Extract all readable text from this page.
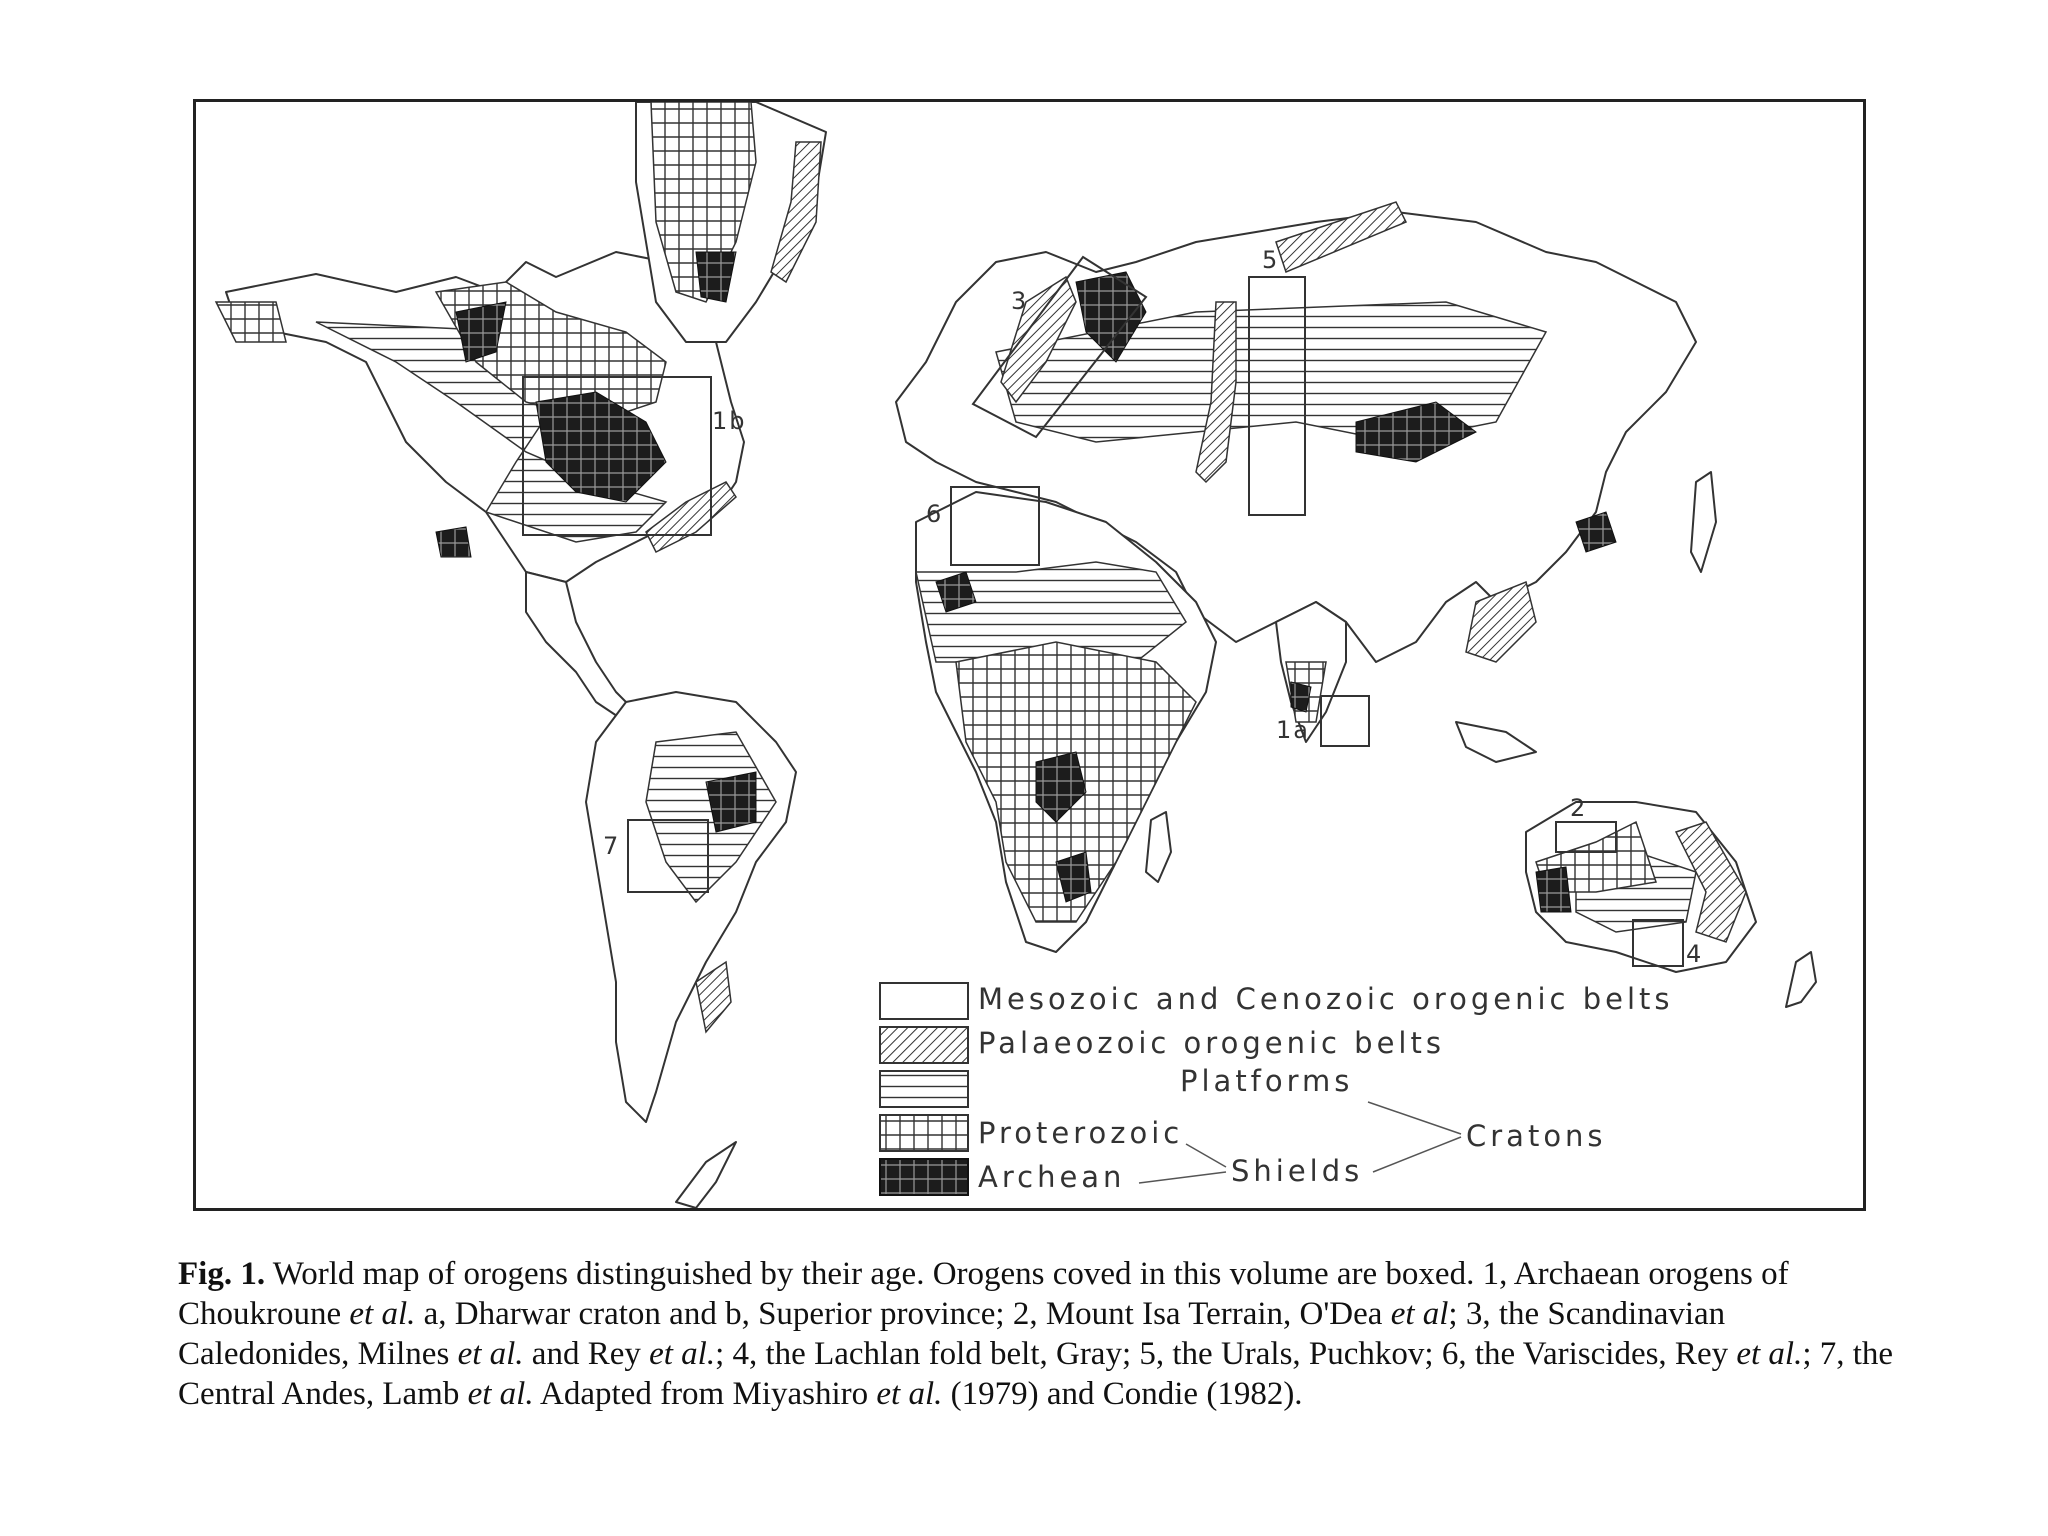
1a
1b
2
3
4
5
6
7
Mesozoic and Cenozoic orogenic belts
Palaeozoic orogenic belts
Platforms
Proterozoic
Archean	Shields
Cratons
Fig. 1. World map of orogens distinguished by their age. Orogens coved in this volume are boxed. 1, Archaean orogens of Choukroune et al. a, Dharwar craton and b, Superior province; 2, Mount Isa Terrain, O'Dea et al; 3, the Scandinavian Caledonides, Milnes et al. and Rey et al.; 4, the Lachlan fold belt, Gray; 5, the Urals, Puchkov; 6, the Variscides, Rey et al.; 7, the Central Andes, Lamb et al. Adapted from Miyashiro et al. (1979) and Condie (1982).
